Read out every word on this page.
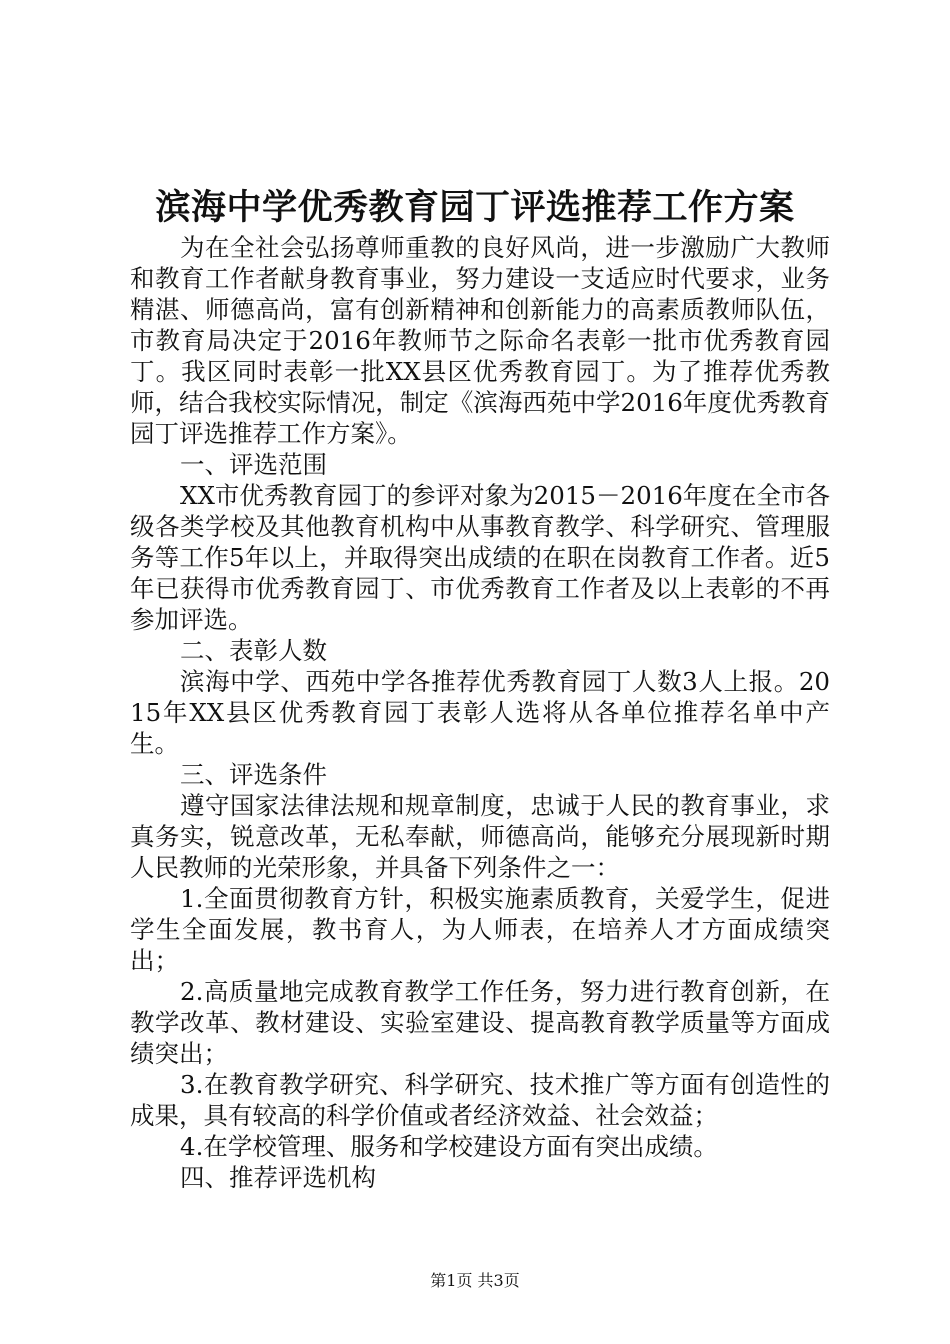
滨海中学优秀教育园丁评选推荐工作方案

为在全社会弘扬尊师重教的良好风尚，进一步激励广大教师和教育工作者献身教育事业，努力建设一支适应时代要求，业务精湛、师德高尚，富有创新精神和创新能力的高素质教师队伍，市教育局决定于2016年教师节之际命名表彰一批市优秀教育园丁。我区同时表彰一批XX县区优秀教育园丁。为了推荐优秀教师，结合我校实际情况，制定《滨海西苑中学2016年度优秀教育园丁评选推荐工作方案》。

一、评选范围

XX市优秀教育园丁的参评对象为2015－2016年度在全市各级各类学校及其他教育机构中从事教育教学、科学研究、管理服务等工作5年以上，并取得突出成绩的在职在岗教育工作者。近5年已获得市优秀教育园丁、市优秀教育工作者及以上表彰的不再参加评选。

二、表彰人数

滨海中学、西苑中学各推荐优秀教育园丁人数3人上报。2015年XX县区优秀教育园丁表彰人选将从各单位推荐名单中产生。

三、评选条件

遵守国家法律法规和规章制度，忠诚于人民的教育事业，求真务实，锐意改革，无私奉献，师德高尚，能够充分展现新时期人民教师的光荣形象，并具备下列条件之一：

1.全面贯彻教育方针，积极实施素质教育，关爱学生，促进学生全面发展，教书育人，为人师表，在培养人才方面成绩突出；

2.高质量地完成教育教学工作任务，努力进行教育创新，在教学改革、教材建设、实验室建设、提高教育教学质量等方面成绩突出；

3.在教育教学研究、科学研究、技术推广等方面有创造性的成果，具有较高的科学价值或者经济效益、社会效益；

4.在学校管理、服务和学校建设方面有突出成绩。

四、推荐评选机构

第1页 共3页
